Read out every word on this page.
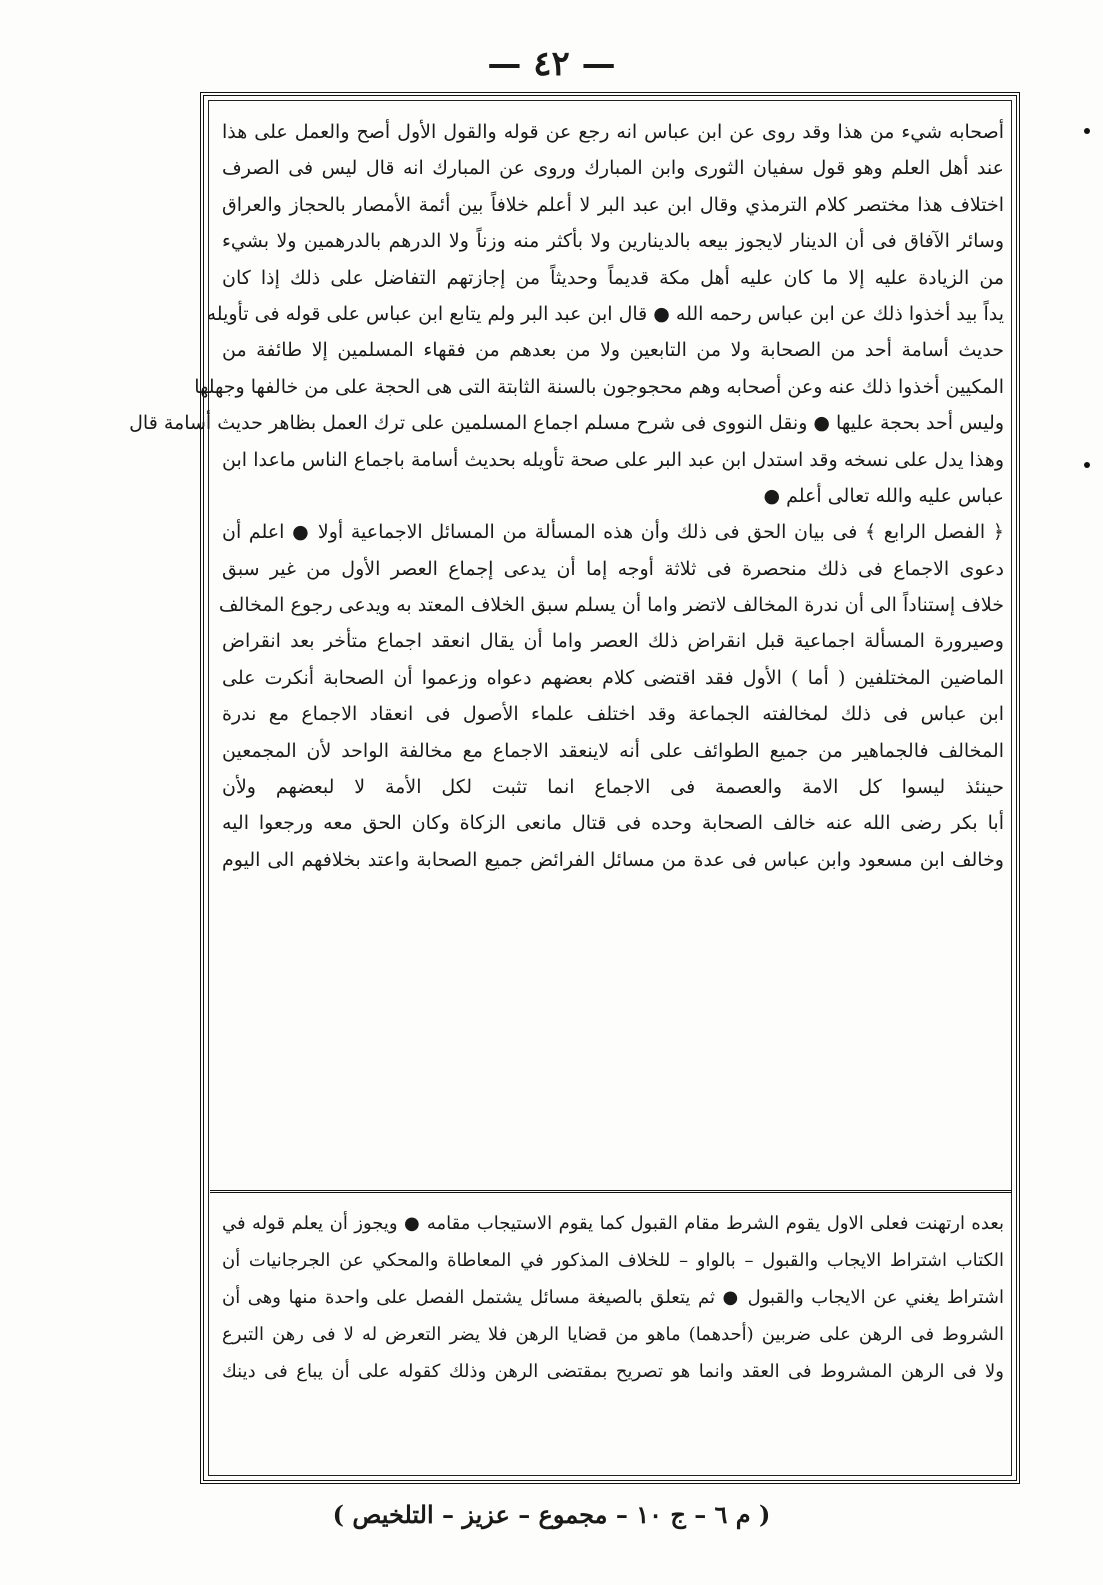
— ٤٢ —
أصحابه شيء من هذا وقد روى عن ابن عباس انه رجع عن قوله والقول الأول أصح والعمل على هذا
عند أهل العلم وهو قول سفيان الثورى وابن المبارك وروى عن المبارك انه قال ليس فى الصرف
اختلاف هذا مختصر كلام الترمذي وقال ابن عبد البر لا أعلم خلافاً بين أئمة الأمصار بالحجاز والعراق
وسائر الآفاق فى أن الدينار لايجوز بيعه بالدينارين ولا بأكثر منه وزناً ولا الدرهم بالدرهمين ولا بشيء
من الزيادة عليه إلا ما كان عليه أهل مكة قديماً وحديثاً من إجازتهم التفاضل على ذلك إذا كان
يداً بيد أخذوا ذلك عن ابن عباس رحمه الله ● قال ابن عبد البر ولم يتابع ابن عباس على قوله فى تأويله
حديث أسامة أحد من الصحابة ولا من التابعين ولا من بعدهم من فقهاء المسلمين إلا طائفة من
المكيين أخذوا ذلك عنه وعن أصحابه وهم محجوجون بالسنة الثابتة التى هى الحجة على من خالفها وجهلها
وليس أحد بحجة عليها ● ونقل النووى فى شرح مسلم اجماع المسلمين على ترك العمل بظاهر حديث أسامة قال
وهذا يدل على نسخه وقد استدل ابن عبد البر على صحة تأويله بحديث أسامة باجماع الناس ماعدا ابن
عباس عليه والله تعالى أعلم ●
﴿ الفصل الرابع ﴾ فى بيان الحق فى ذلك وأن هذه المسألة من المسائل الاجماعية أولا ● اعلم أن
دعوى الاجماع فى ذلك منحصرة فى ثلاثة أوجه إما أن يدعى إجماع العصر الأول من غير سبق
خلاف إستناداً الى أن ندرة المخالف لاتضر واما أن يسلم سبق الخلاف المعتد به ويدعى رجوع المخالف
وصيرورة المسألة اجماعية قبل انقراض ذلك العصر واما أن يقال انعقد اجماع متأخر بعد انقراض
الماضين المختلفين ( أما ) الأول فقد اقتضى كلام بعضهم دعواه وزعموا أن الصحابة أنكرت على
ابن عباس فى ذلك لمخالفته الجماعة وقد اختلف علماء الأصول فى انعقاد الاجماع مع ندرة
المخالف فالجماهير من جميع الطوائف على أنه لاينعقد الاجماع مع مخالفة الواحد لأن المجمعين
حينئذ ليسوا كل الامة والعصمة فى الاجماع انما تثبت لكل الأمة لا لبعضهم ولأن
أبا بكر رضى الله عنه خالف الصحابة وحده فى قتال مانعى الزكاة وكان الحق معه ورجعوا اليه
وخالف ابن مسعود وابن عباس فى عدة من مسائل الفرائض جميع الصحابة واعتد بخلافهم الى اليوم
بعده ارتهنت فعلى الاول يقوم الشرط مقام القبول كما يقوم الاستيجاب مقامه ● ويجوز أن يعلم قوله في
الكتاب اشتراط الايجاب والقبول – بالواو – للخلاف المذكور في المعاطاة والمحكي عن الجرجانيات أن
اشتراط يغني عن الايجاب والقبول ● ثم يتعلق بالصيغة مسائل يشتمل الفصل على واحدة منها وهى أن
الشروط فى الرهن على ضربين (أحدهما) ماهو من قضايا الرهن فلا يضر التعرض له لا فى رهن التبرع
ولا فى الرهن المشروط فى العقد وانما هو تصريح بمقتضى الرهن وذلك كقوله على أن يباع فى دينك
( م ٦ – ج ١٠ – مجموع – عزيز – التلخيص )
